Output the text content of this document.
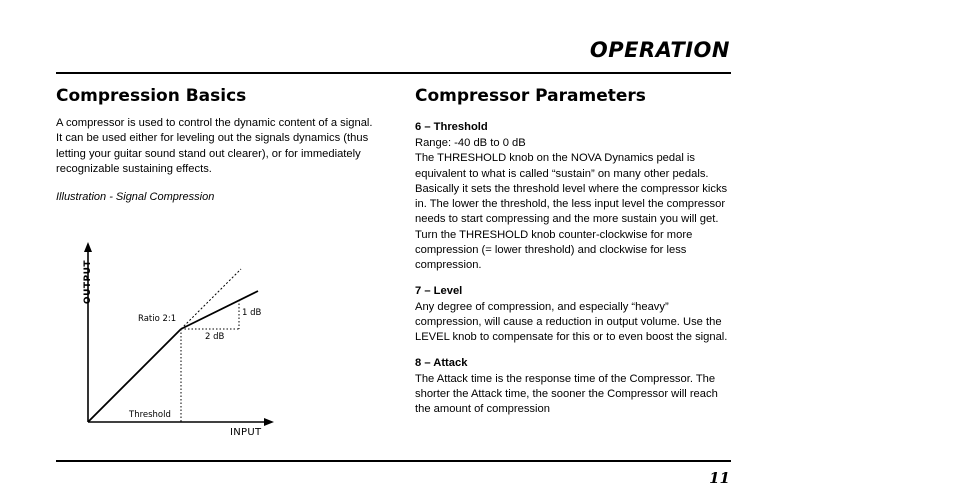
OPERATION
Compression Basics

A compressor is used to control the dynamic content of a signal. It can be used either for leveling out the signals dynamics (thus letting your guitar sound stand out clearer), or for immediately recognizable sustaining effects.

Illustration - Signal Compression

OUTPUT
INPUT
Ratio 2:1
Threshold
2 dB
1 dB
Compressor Parameters
6 – Threshold

Range: -40 dB to 0 dB

The THRESHOLD knob on the NOVA Dynamics pedal is equivalent to what is called “sustain” on many other pedals. Basically it sets the threshold level where the compressor kicks in. The lower the threshold, the less input level the compressor needs to start compressing and the more sustain you will get. Turn the THRESHOLD knob counter-clockwise for more compression (= lower threshold) and clockwise for less compression.

7 – Level

Any degree of compression, and especially “heavy” compression, will cause a reduction in output volume. Use the LEVEL knob to compensate for this or to even boost the signal.

8 – Attack

The Attack time is the response time of the Compressor. The shorter the Attack time, the sooner the Compressor will reach the amount of compression

11
